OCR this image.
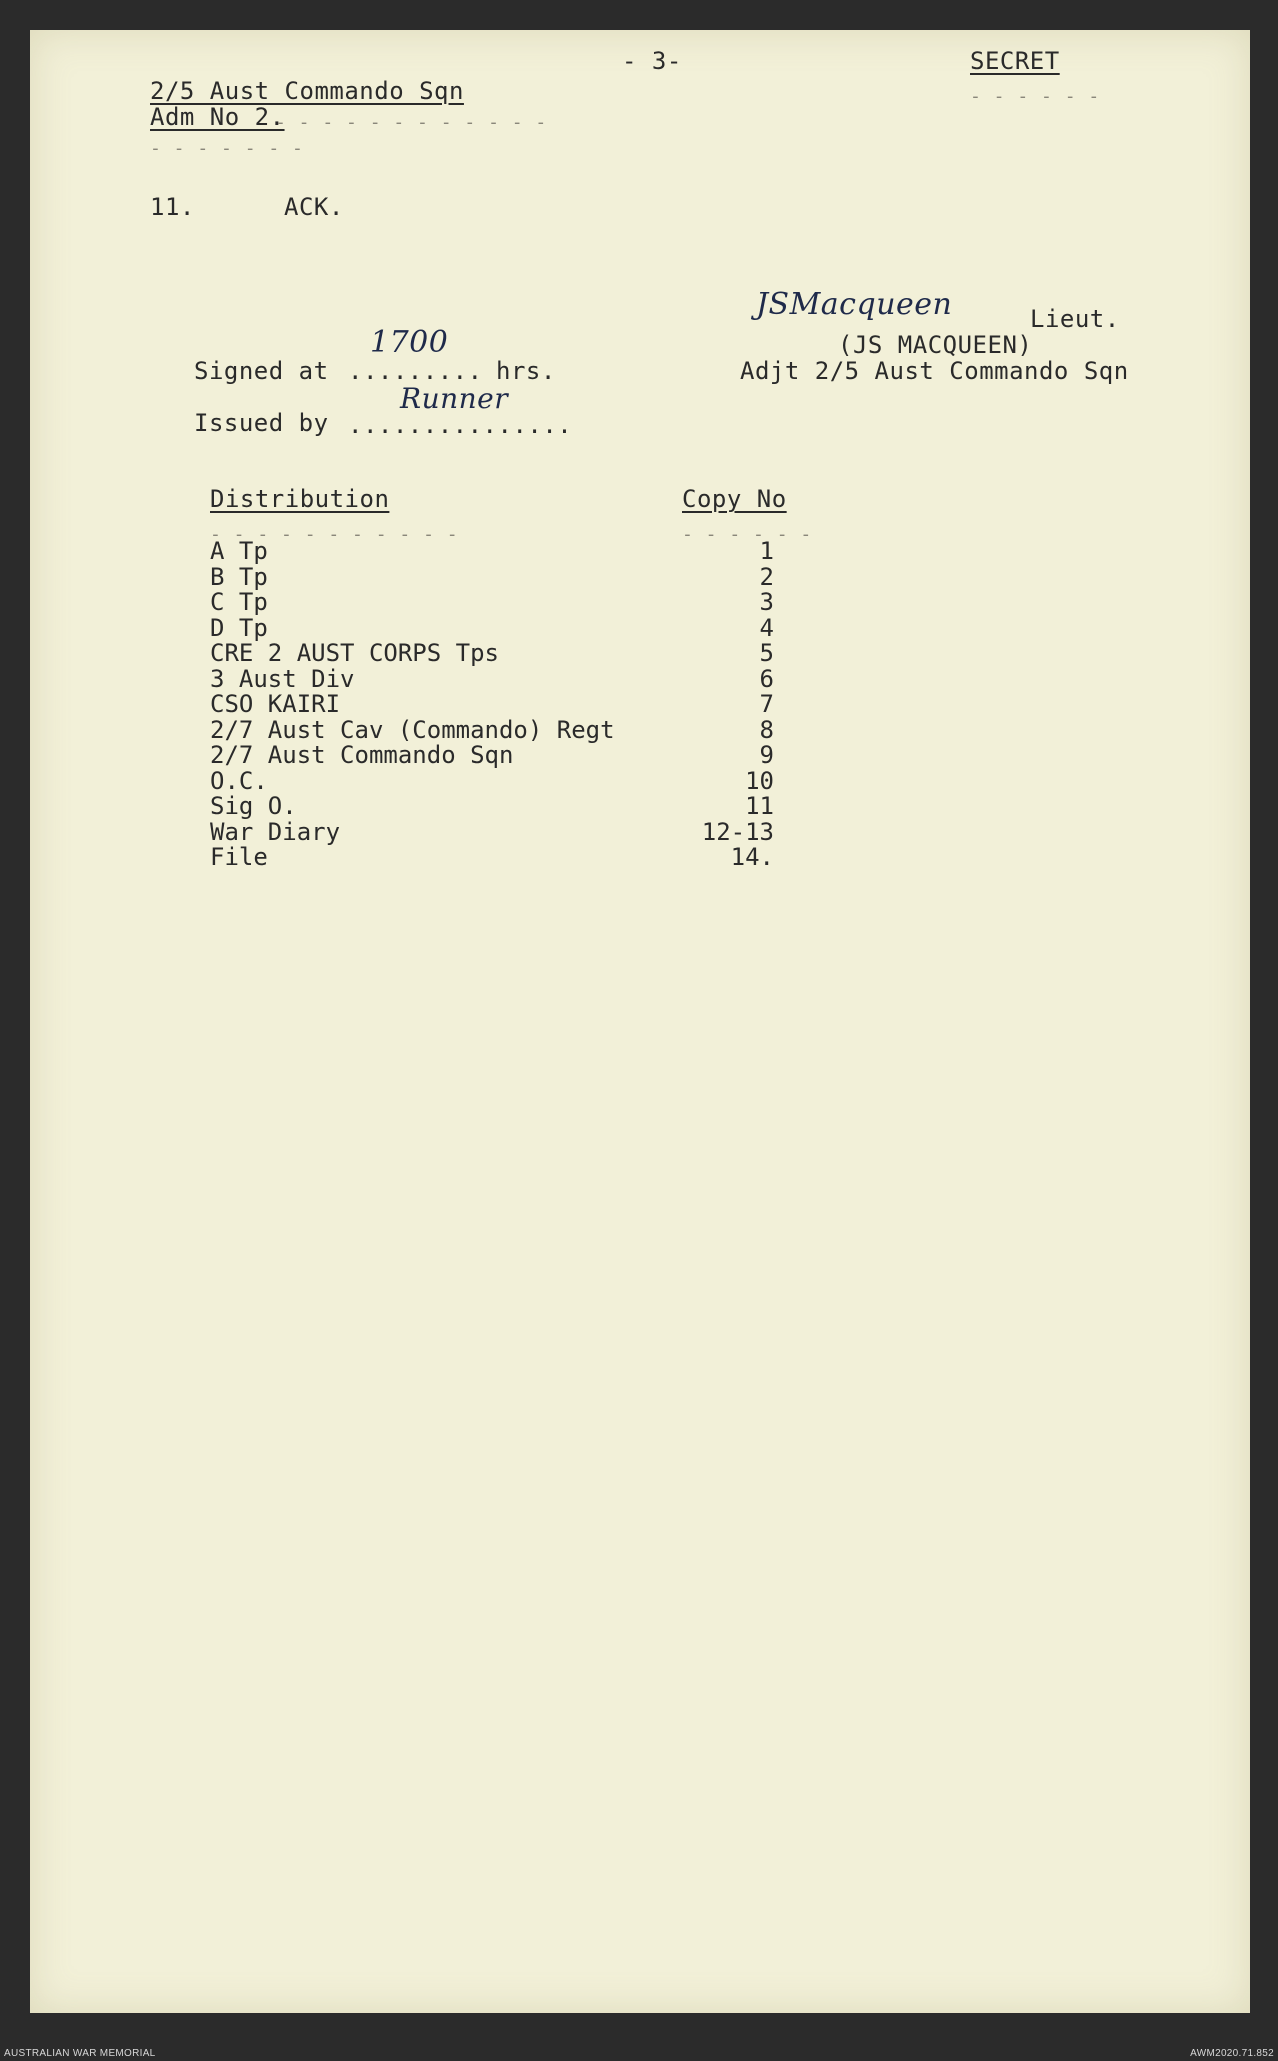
- 3-	SECRET
- - - - - -
2/5 Aust Commando Sqn
Adm No 2.
- - - - - - - - - - - -
- - - - - - -
11.	ACK.
JSMacqueen	Lieut.
(JS MACQUEEN)
Adjt 2/5 Aust Commando Sqn
Signed at .........
1700
hrs.
Issued by ...............
Runner
Distribution	Copy No
- - - - - - - - - - -	- - - - - -
A Tp	1
B Tp	2
C Tp	3
D Tp	4
CRE 2 AUST CORPS Tps	5
3 Aust Div	6
CSO KAIRI	7
2/7 Aust Cav (Commando) Regt	8
2/7 Aust Commando Sqn	9
O.C.	10
Sig O.	11
War Diary	12-13
File	14.
AUSTRALIAN WAR MEMORIAL	AWM2020.71.852
